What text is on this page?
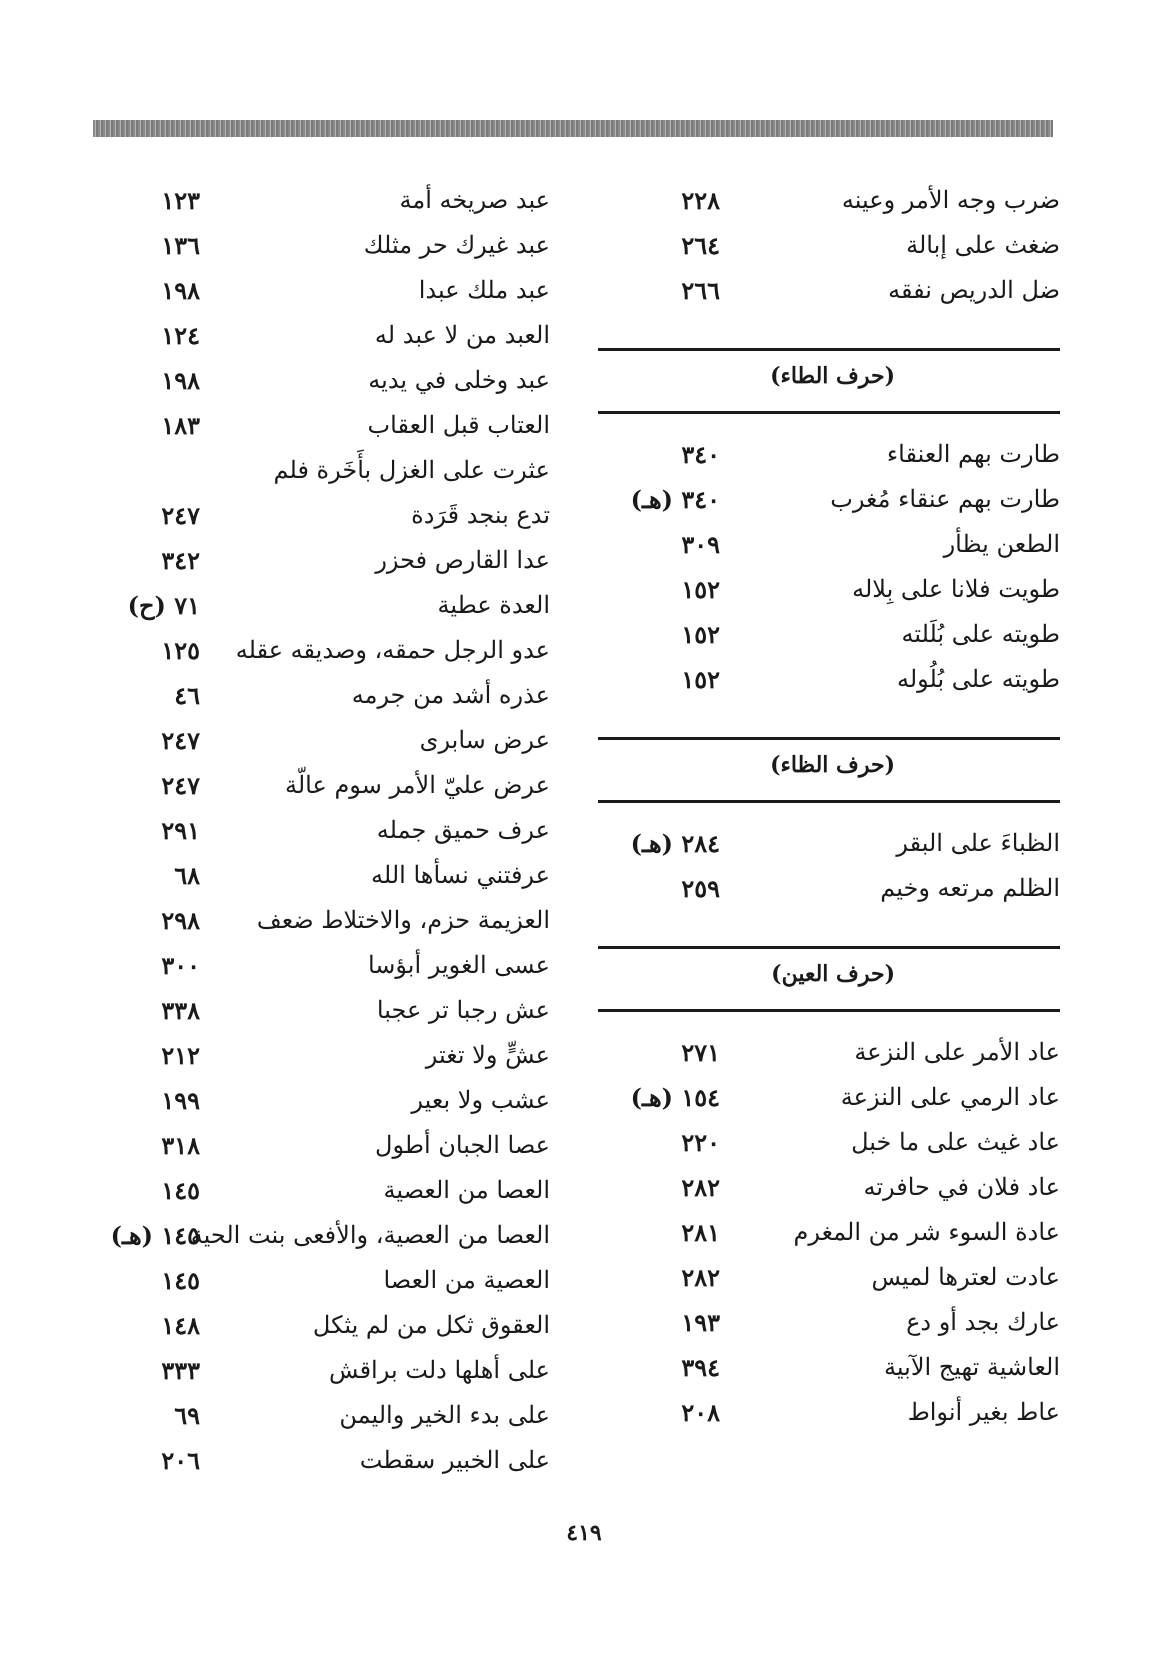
ضرب وجه الأمر وعينه
٢٢٨
ضغث على إبالة
٢٦٤
ضل الدريص نفقه
٢٦٦
(حرف الطاء)
طارت بهم العنقاء
٣٤٠
طارت بهم عنقاء مُغرب
٣٤٠ (هـ)
الطعن يظأر
٣٠٩
طويت فلانا على بِلاله
١٥٢
طويته على بُلَلته
١٥٢
طويته على بُلُوله
١٥٢
(حرف الظاء)
الظباءَ على البقر
٢٨٤ (هـ)
الظلم مرتعه وخيم
٢٥٩
(حرف العين)
عاد الأمر على النزعة
٢٧١
عاد الرمي على النزعة
١٥٤ (هـ)
عاد غيث على ما خبل
٢٢٠
عاد فلان في حافرته
٢٨٢
عادة السوء شر من المغرم
٢٨١
عادت لعترها لميس
٢٨٢
عارك بجد أو دع
١٩٣
العاشية تهيج الآبية
٣٩٤
عاط بغير أنواط
٢٠٨
عبد صريخه أمة
١٢٣
عبد غيرك حر مثلك
١٣٦
عبد ملك عبدا
١٩٨
العبد من لا عبد له
١٢٤
عبد وخلى في يديه
١٩٨
العتاب قبل العقاب
١٨٣
عثرت على الغزل بأَخَرة فلم
تدع بنجد قَرَدة
٢٤٧
عدا القارص فحزر
٣٤٢
العدة عطية
٧١ (ح)
عدو الرجل حمقه، وصديقه عقله
١٢٥
عذره أشد من جرمه
٤٦
عرض سابرى
٢٤٧
عرض عليّ الأمر سوم عالّة
٢٤٧
عرف حميق جمله
٢٩١
عرفتني نسأها الله
٦٨
العزيمة حزم، والاختلاط ضعف
٢٩٨
عسى الغوير أبؤسا
٣٠٠
عش رجبا تر عجبا
٣٣٨
عشٍّ ولا تغتر
٢١٢
عشب ولا بعير
١٩٩
عصا الجبان أطول
٣١٨
العصا من العصية
١٤٥
العصا من العصية، والأفعى بنت الحية
١٤٥ (هـ)
العصية من العصا
١٤٥
العقوق ثكل من لم يثكل
١٤٨
على أهلها دلت براقش
٣٣٣
على بدء الخير واليمن
٦٩
على الخبير سقطت
٢٠٦
٤١٩
